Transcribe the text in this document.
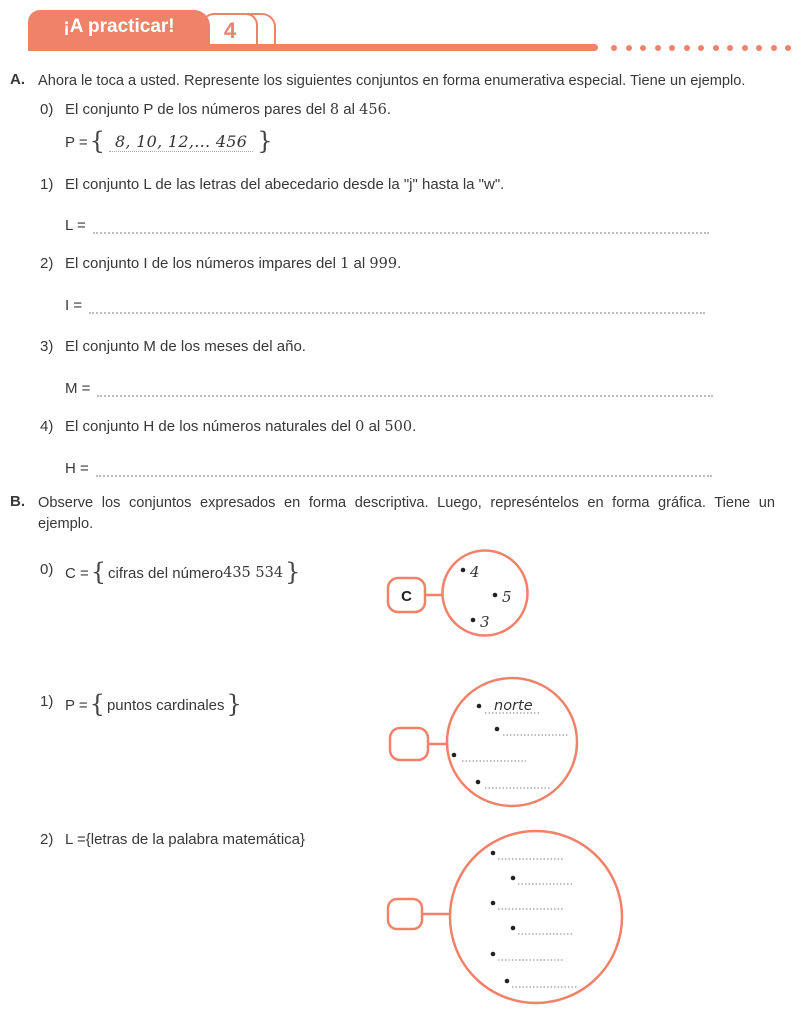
¡A practicar! 4
A. Ahora le toca a usted. Represente los siguientes conjuntos en forma enumerativa especial. Tiene un ejemplo.
0) El conjunto P de los números pares del 8 al 456.
P = { 8, 10, 12,... 456 }
1) El conjunto L de las letras del abecedario desde la "j" hasta la "w".
L =
2) El conjunto I de los números impares del 1 al 999.
I =
3) El conjunto M de los meses del año.
M =
4) El conjunto H de los números naturales del 0 al 500.
H =
B. Observe los conjuntos expresados en forma descriptiva. Luego, represéntelos en forma gráfica. Tiene un ejemplo.
0) C = { cifras del número 435 534 }
1) P = { puntos cardinales }
2) L = { letras de la palabra matemática }
C
4
5
3
norte
